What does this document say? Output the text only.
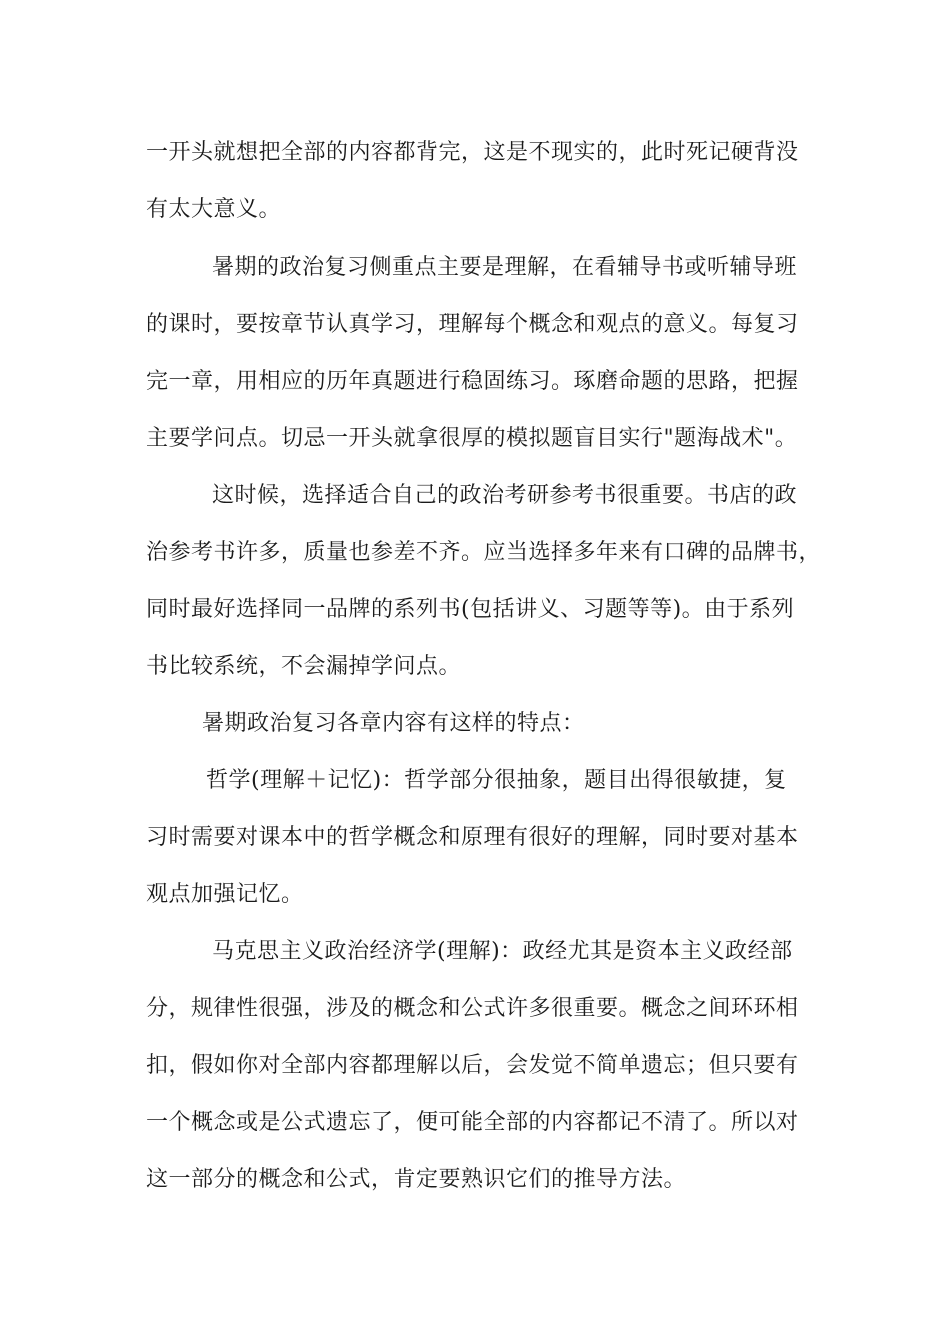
一开头就想把全部的内容都背完，这是不现实的，此时死记硬背没
有太大意义。
暑期的政治复习侧重点主要是理解，在看辅导书或听辅导班
的课时，要按章节认真学习，理解每个概念和观点的意义。每复习
完一章，用相应的历年真题进行稳固练习。琢磨命题的思路，把握
主要学问点。切忌一开头就拿很厚的模拟题盲目实行"题海战术"。
这时候，选择适合自己的政治考研参考书很重要。书店的政
治参考书许多，质量也参差不齐。应当选择多年来有口碑的品牌书，
同时最好选择同一品牌的系列书(包括讲义、习题等等)。由于系列
书比较系统，不会漏掉学问点。
暑期政治复习各章内容有这样的特点：
哲学(理解＋记忆)：哲学部分很抽象，题目出得很敏捷，复
习时需要对课本中的哲学概念和原理有很好的理解，同时要对基本
观点加强记忆。
马克思主义政治经济学(理解)：政经尤其是资本主义政经部
分，规律性很强，涉及的概念和公式许多很重要。概念之间环环相
扣，假如你对全部内容都理解以后，会发觉不简单遗忘；但只要有
一个概念或是公式遗忘了，便可能全部的内容都记不清了。所以对
这一部分的概念和公式，肯定要熟识它们的推导方法。
